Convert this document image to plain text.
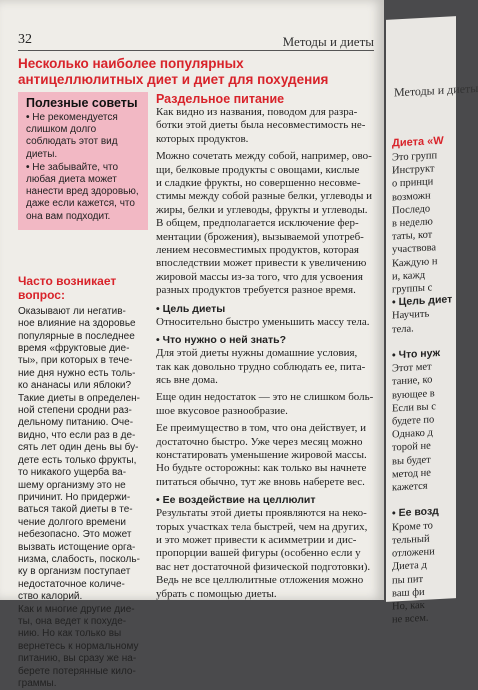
32	Методы и диеты
Несколько наиболее популярных
антицеллюлитных диет и диет для похудения
Полезные советы
• Не рекомендуется слишком долго соблюдать этот вид диеты.
• Не забывайте, что любая диета может нанести вред здоровью, даже если кажется, что она вам подходит.
Часто возникает
вопрос:
Оказывают ли негатив-
ное влияние на здоровье
популярные в последнее
время «фруктовые дие-
ты», при которых в тече-
ние дня нужно есть толь-
ко ананасы или яблоки?
Такие диеты в определен-
ной степени сродни раз-
дельному питанию. Оче-
видно, что если раз в де-
сять лет один день вы бу-
дете есть только фрукты,
то никакого ущерба ва-
шему организму это не
причинит. Но придержи-
ваться такой диеты в те-
чение долгого времени
небезопасно. Это может
вызвать истощение орга-
низма, слабость, посколь-
ку в организм поступает
недостаточное количе-
ство калорий.
Как и многие другие дие-
ты, она ведет к похуде-
нию. Но как только вы
вернетесь к нормальному
питанию, вы сразу же на-
берете потерянные кило-
граммы.
Раздельное питание
Как видно из названия, поводом для разра-
ботки этой диеты была несовместимость не-
которых продуктов.
Можно сочетать между собой, например, ово-
щи, белковые продукты с овощами, кислые
и сладкие фрукты, но совершенно несовме-
стимы между собой разные белки, углеводы и
жиры, белки и углеводы, фрукты и углеводы.
В общем, предполагается исключение фер-
ментации (брожения), вызываемой употреб-
лением несовместимых продуктов, которая
впоследствии может привести к увеличению
жировой массы из-за того, что для усвоения
разных продуктов требуется разное время.
• Цель диеты
Относительно быстро уменьшить массу тела.
• Что нужно о ней знать?
Для этой диеты нужны домашние условия,
так как довольно трудно соблюдать ее, пита-
ясь вне дома.
Еще один недостаток — это не слишком боль-
шое вкусовое разнообразие.
Ее преимущество в том, что она действует, и
достаточно быстро. Уже через месяц можно
констатировать уменьшение жировой массы.
Но будьте осторожны: как только вы начнете
питаться обычно, тут же вновь наберете вес.
• Ее воздействие на целлюлит
Результаты этой диеты проявляются на неко-
торых участках тела быстрей, чем на других,
и это может привести к асимметрии и дис-
пропорции вашей фигуры (особенно если у
вас нет достаточной физической подготовки).
Ведь не все целлюлитные отложения можно
убрать с помощью диеты.
Методы и диеты
Диета «W
Это групп
Инструкт
о принци
возможн
Последо
в неделю
таты, кот
участвова
Каждую н
и, кажд
группы с
• Цель диет
Научить
тела.

• Что нуж
Этот мет
тание, ко
вующее в
Если вы с
будете по
Однако д
торой не
вы будет
метод не
кажется

• Ее возд
Кроме то
тельный
отложени
Диета д
пы пит
ваш фи
Но, как
не всем.
